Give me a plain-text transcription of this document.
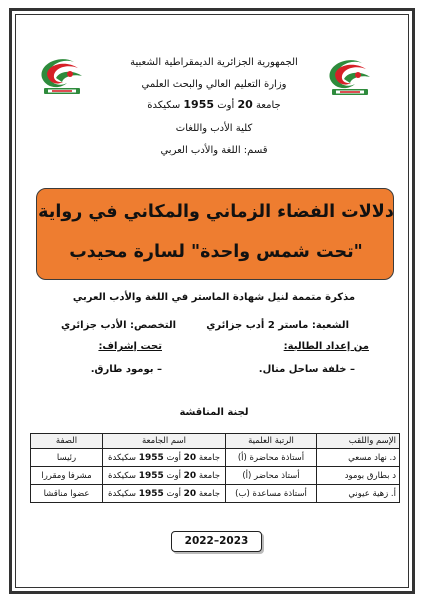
الجمهورية الجزائرية الديمقراطية الشعبية
وزارة التعليم العالي والبحث العلمي
جامعة 20 أوت 1955 سكيكدة
كلية الأدب واللغات
قسم: اللغة والأدب العربي
دلالات الفضاء الزماني والمكاني في رواية
"تحت شمس واحدة" لسارة محيدب
مذكرة متممة لنيل شهادة الماستر في اللغة والأدب العربي
الشعبة: ماستر 2 أدب جزائري
التخصص: الأدب جزائري
من إعداد الطالبة:
تحت إشراف:
– خلفة ساحل منال.
– بومود طارق.
لجنة المناقشة
الإسم واللقب	الرتبة العلمية	اسم الجامعة	الصفة
د. نهاد مسعي	أستاذة محاضرة (أ)	جامعة 20 أوت 1955 سكيكدة	رئيسا
د بطارق بومود	أستاذ محاضر (أ)	جامعة 20 أوت 1955 سكيكدة	مشرفا ومقررا
أ. زهية عيوني	أستاذة مساعدة (ب)	جامعة 20 أوت 1955 سكيكدة	عضوا مناقشا
2022–2023
